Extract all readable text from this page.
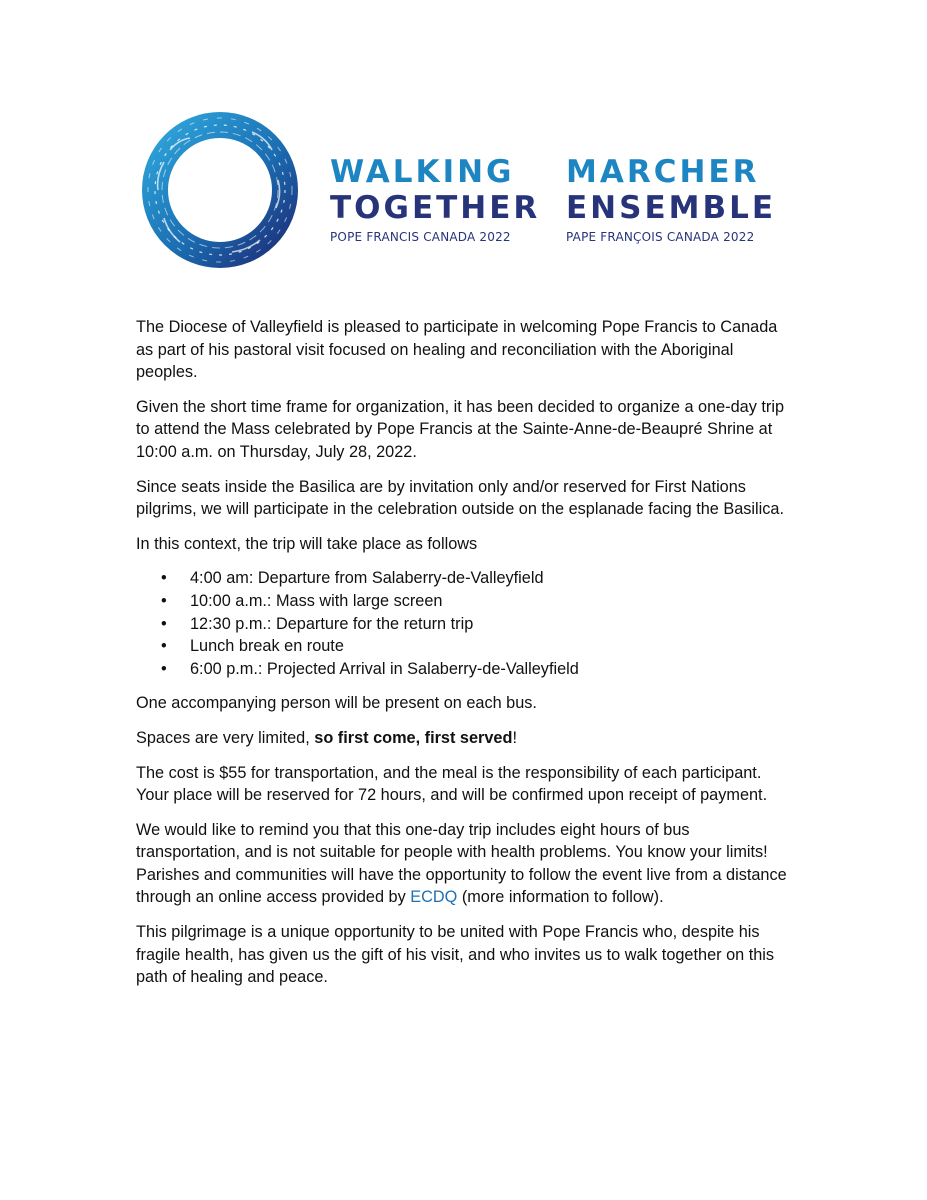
WALKING	MARCHER
TOGETHER ENSEMBLE
POPE FRANCIS CANADA 2022	PAPE FRANÇOIS CANADA 2022

The Diocese of Valleyfield is pleased to participate in welcoming Pope Francis to Canada as part of his pastoral visit focused on healing and reconciliation with the Aboriginal peoples.

Given the short time frame for organization, it has been decided to organize a one-day trip to attend the Mass celebrated by Pope Francis at the Sainte-Anne-de-Beaupré Shrine at 10:00 a.m. on Thursday, July 28, 2022.

Since seats inside the Basilica are by invitation only and/or reserved for First Nations pilgrims, we will participate in the celebration outside on the esplanade facing the Basilica.

In this context, the trip will take place as follows

• 4:00 am: Departure from Salaberry-de-Valleyfield
• 10:00 a.m.: Mass with large screen
• 12:30 p.m.: Departure for the return trip
• Lunch break en route
• 6:00 p.m.: Projected Arrival in Salaberry-de-Valleyfield

One accompanying person will be present on each bus.

Spaces are very limited, so first come, first served!

The cost is $55 for transportation, and the meal is the responsibility of each participant. Your place will be reserved for 72 hours, and will be confirmed upon receipt of payment.

We would like to remind you that this one-day trip includes eight hours of bus transportation, and is not suitable for people with health problems. You know your limits! Parishes and communities will have the opportunity to follow the event live from a distance through an online access provided by ECDQ (more information to follow).

This pilgrimage is a unique opportunity to be united with Pope Francis who, despite his fragile health, has given us the gift of his visit, and who invites us to walk together on this path of healing and peace.
